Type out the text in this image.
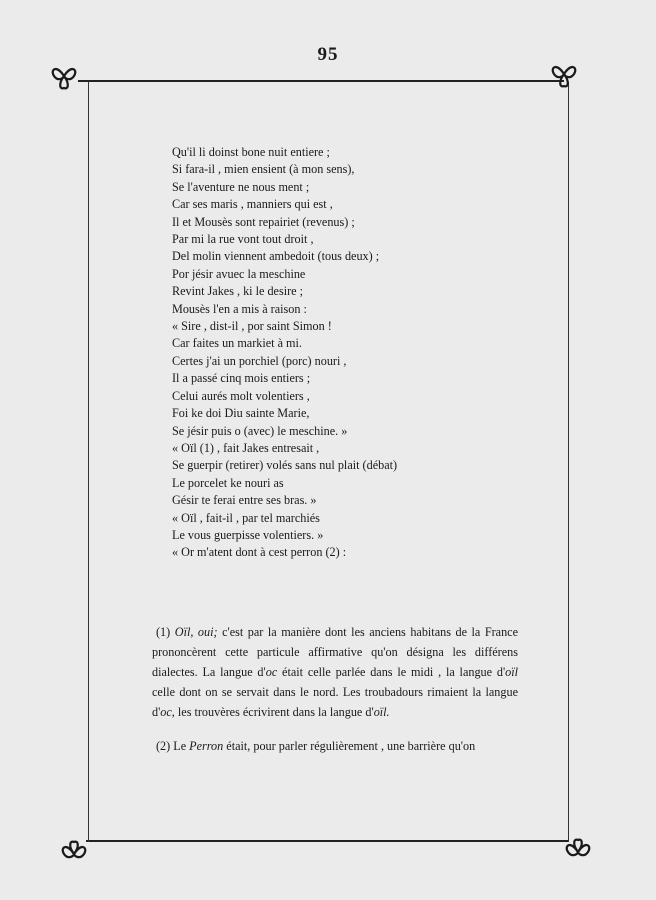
95
Qu'il li doinst bone nuit entiere ;
Si fara-il , mien ensient (à mon sens),
Se l'aventure ne nous ment ;
Car ses maris , manniers qui est ,
Il et Mousès sont repairiet (revenus) ;
Par mi la rue vont tout droit ,
Del molin viennent ambedoit (tous deux) ;
Por jésir avuec la meschine
Revint Jakes , ki le desire ;
Mousès l'en a mis à raison :
« Sire , dist-il , por saint Simon !
Car faites un markiet à mi.
Certes j'ai un porchiel (porc) nouri ,
Il a passé cinq mois entiers ;
Celui aurés molt volentiers ,
Foi ke doi Diu sainte Marie,
Se jésir puis o (avec) le meschine. »
« Oïl (1) , fait Jakes entresait ,
Se guerpir (retirer) volés sans nul plait (débat)
Le porcelet ke nouri as
Gésir te ferai entre ses bras. »
« Oïl , fait-il , par tel marchiés
Le vous guerpisse volentiers. »
« Or m'atent dont à cest perron (2) :

(1) Oïl, oui; c'est par la manière dont les anciens habitans de la France prononcèrent cette particule affirmative qu'on désigna les différens dialectes. La langue d'oc était celle parlée dans le midi , la langue d'oïl celle dont on se servait dans le nord. Les troubadours rimaient la langue d'oc, les trouvères écrivirent dans la langue d'oïl.

(2) Le Perron était, pour parler régulièrement , une barrière qu'on
